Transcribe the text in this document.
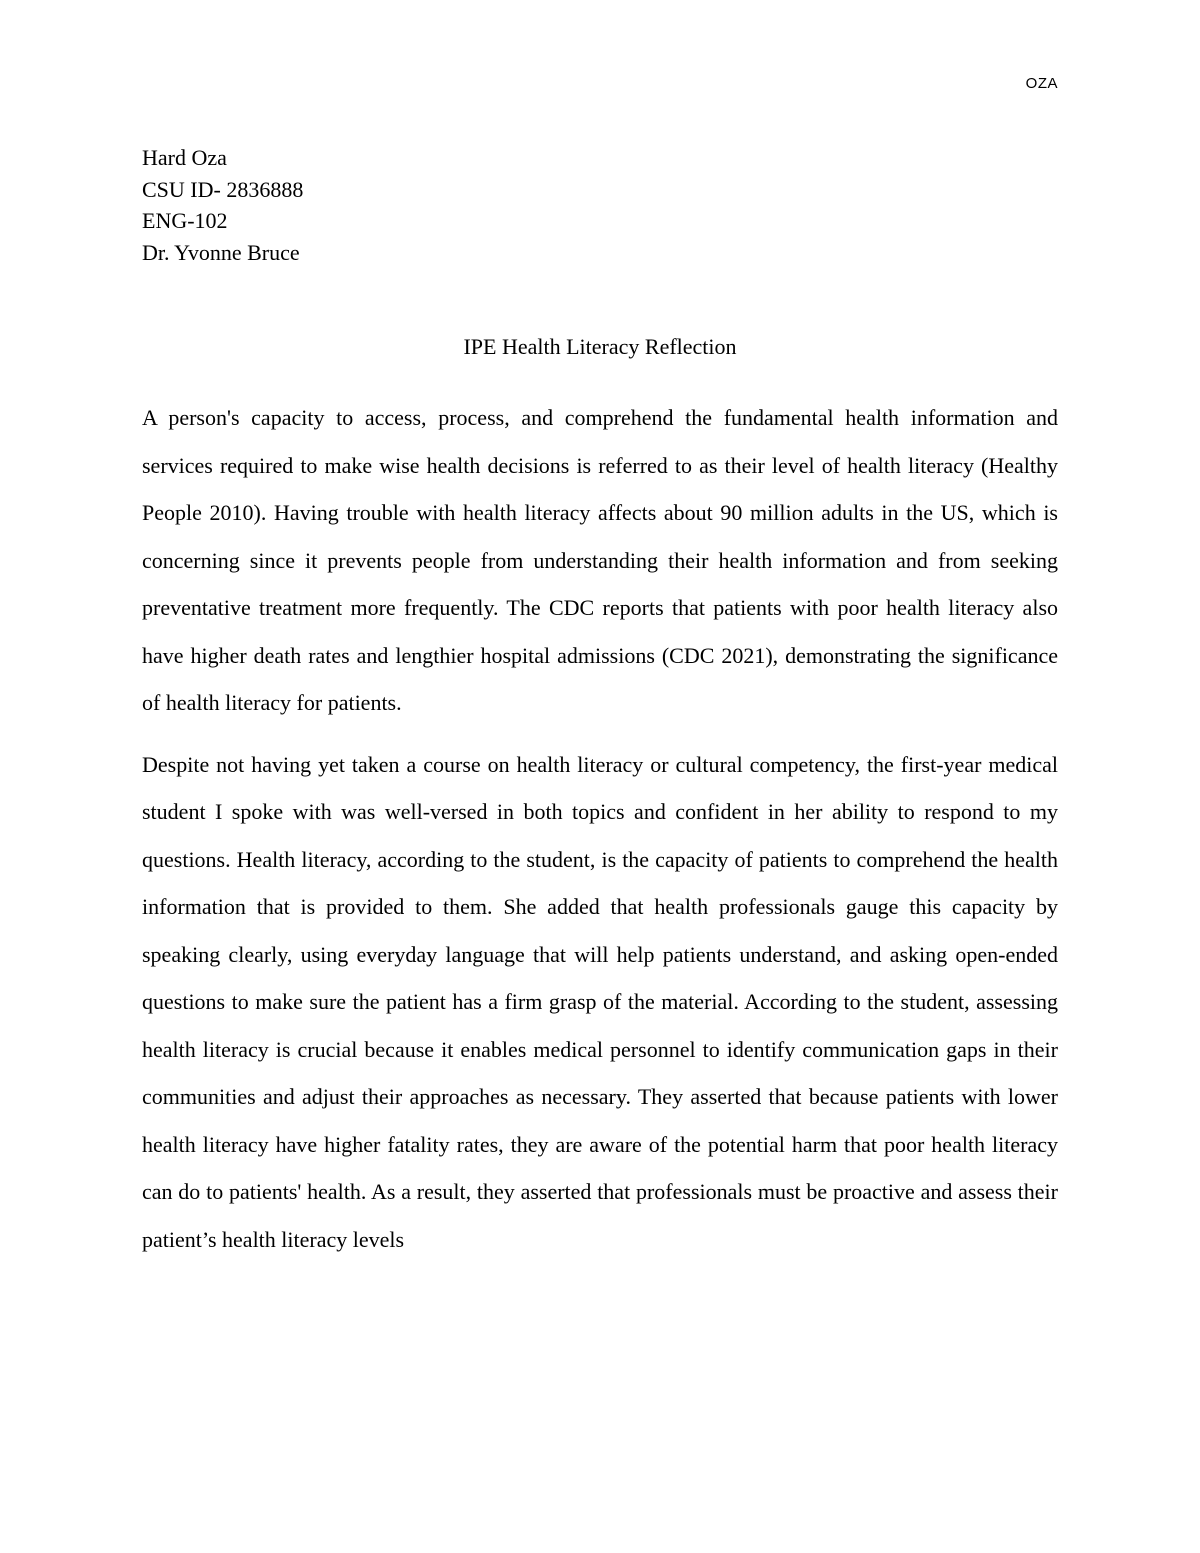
OZA

Hard Oza
CSU ID- 2836888
ENG-102
Dr. Yvonne Bruce
IPE Health Literacy Reflection

A person's capacity to access, process, and comprehend the fundamental health information and services required to make wise health decisions is referred to as their level of health literacy (Healthy People 2010). Having trouble with health literacy affects about 90 million adults in the US, which is concerning since it prevents people from understanding their health information and from seeking preventative treatment more frequently. The CDC reports that patients with poor health literacy also have higher death rates and lengthier hospital admissions (CDC 2021), demonstrating the significance of health literacy for patients.

Despite not having yet taken a course on health literacy or cultural competency, the first-year medical student I spoke with was well-versed in both topics and confident in her ability to respond to my questions. Health literacy, according to the student, is the capacity of patients to comprehend the health information that is provided to them. She added that health professionals gauge this capacity by speaking clearly, using everyday language that will help patients understand, and asking open-ended questions to make sure the patient has a firm grasp of the material. According to the student, assessing health literacy is crucial because it enables medical personnel to identify communication gaps in their communities and adjust their approaches as necessary. They asserted that because patients with lower health literacy have higher fatality rates, they are aware of the potential harm that poor health literacy can do to patients' health. As a result, they asserted that professionals must be proactive and assess their patient’s health literacy levels
